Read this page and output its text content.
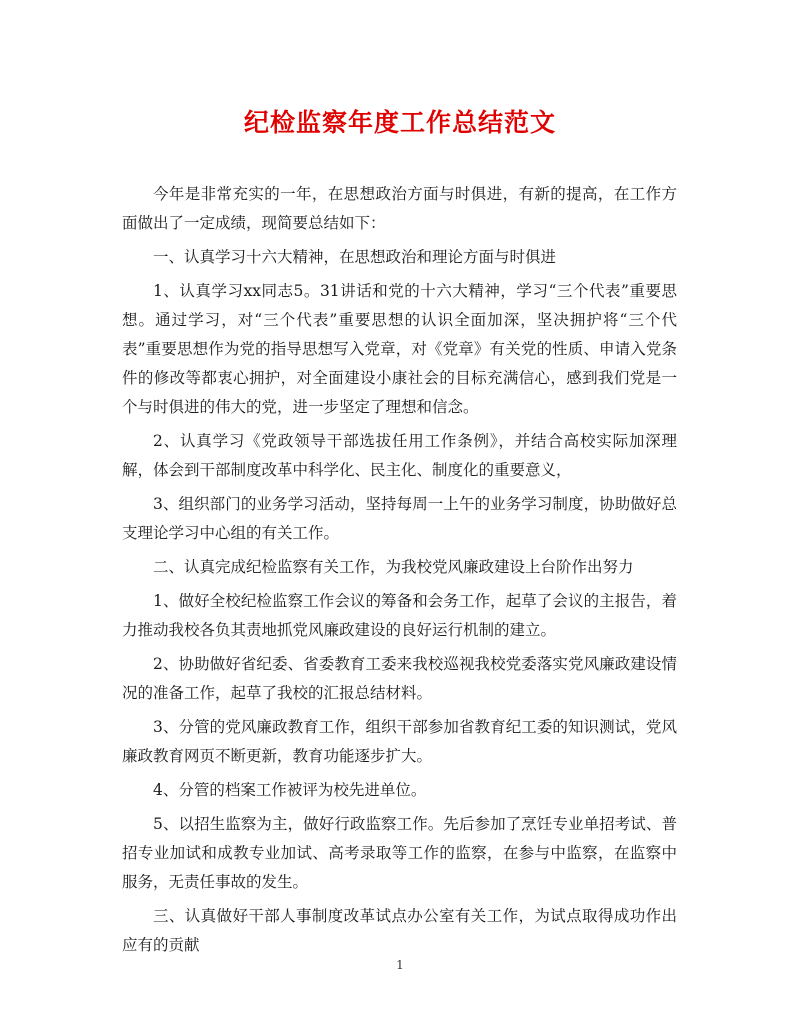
纪检监察年度工作总结范文

今年是非常充实的一年，在思想政治方面与时俱进，有新的提高，在工作方面做出了一定成绩，现简要总结如下：

一、认真学习十六大精神，在思想政治和理论方面与时俱进

1、认真学习xx同志5。31讲话和党的十六大精神，学习“三个代表”重要思想。通过学习，对“三个代表”重要思想的认识全面加深，坚决拥护将“三个代表”重要思想作为党的指导思想写入党章，对《党章》有关党的性质、申请入党条件的修改等都衷心拥护，对全面建设小康社会的目标充满信心，感到我们党是一个与时俱进的伟大的党，进一步坚定了理想和信念。

2、认真学习《党政领导干部选拔任用工作条例》，并结合高校实际加深理解，体会到干部制度改革中科学化、民主化、制度化的重要意义，

3、组织部门的业务学习活动，坚持每周一上午的业务学习制度，协助做好总支理论学习中心组的有关工作。

二、认真完成纪检监察有关工作，为我校党风廉政建设上台阶作出努力

1、做好全校纪检监察工作会议的筹备和会务工作，起草了会议的主报告，着力推动我校各负其责地抓党风廉政建设的良好运行机制的建立。

2、协助做好省纪委、省委教育工委来我校巡视我校党委落实党风廉政建设情况的准备工作，起草了我校的汇报总结材料。

3、分管的党风廉政教育工作，组织干部参加省教育纪工委的知识测试，党风廉政教育网页不断更新，教育功能逐步扩大。

4、分管的档案工作被评为校先进单位。

5、以招生监察为主，做好行政监察工作。先后参加了烹饪专业单招考试、普招专业加试和成教专业加试、高考录取等工作的监察，在参与中监察，在监察中服务，无责任事故的发生。

三、认真做好干部人事制度改革试点办公室有关工作，为试点取得成功作出应有的贡献

1
